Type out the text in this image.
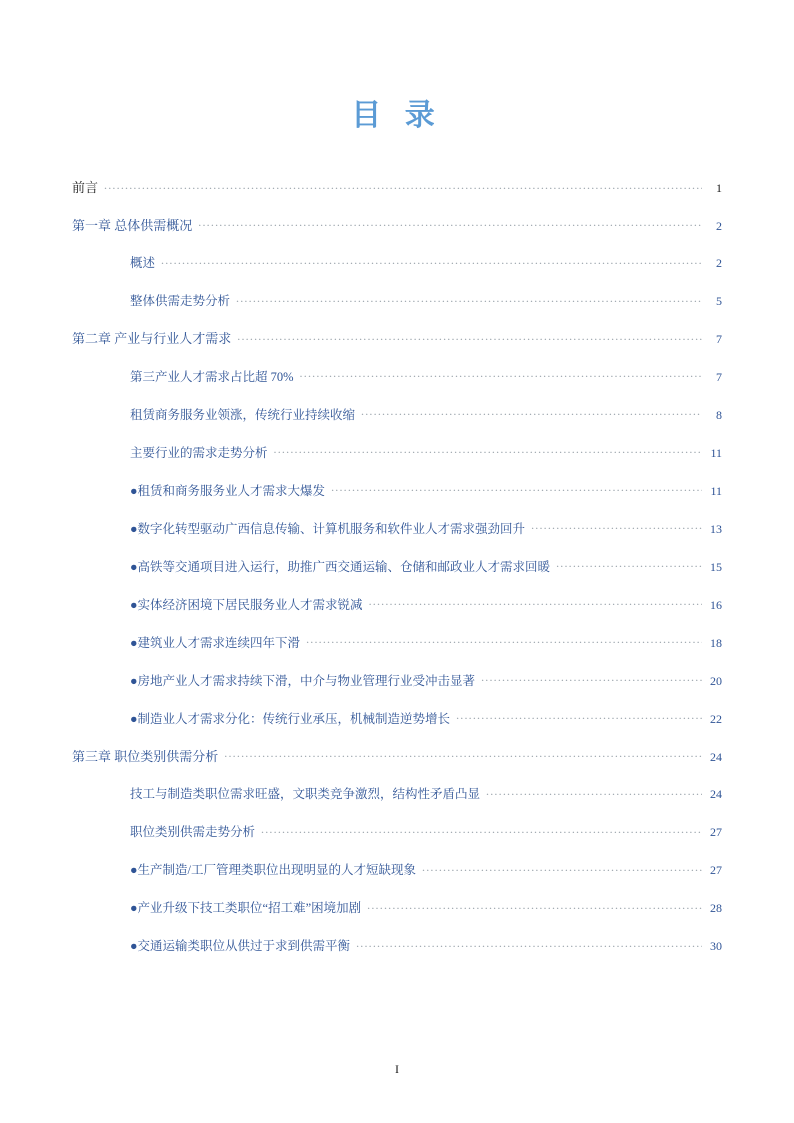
目 录
前言 .....	1
第一章 总体供需概况 .....	2
概述 .....	2
整体供需走势分析 .....	5
第二章 产业与行业人才需求 .....	7
第三产业人才需求占比超 70% .....	7
租赁商务服务业领涨，传统行业持续收缩 .....	8
主要行业的需求走势分析 .....	11
●租赁和商务服务业人才需求大爆发 .....	11
●数字化转型驱动广西信息传输、计算机服务和软件业人才需求强劲回升 .....	13
●高铁等交通项目进入运行，助推广西交通运输、仓储和邮政业人才需求回暖 .....	15
●实体经济困境下居民服务业人才需求锐减 .....	16
●建筑业人才需求连续四年下滑 .....	18
●房地产业人才需求持续下滑，中介与物业管理行业受冲击显著 .....	20
●制造业人才需求分化：传统行业承压，机械制造逆势增长 .....	22
第三章 职位类别供需分析 .....	24
技工与制造类职位需求旺盛，文职类竞争激烈，结构性矛盾凸显 .....	24
职位类别供需走势分析 .....	27
●生产制造/工厂管理类职位出现明显的人才短缺现象 .....	27
●产业升级下技工类职位“招工难”困境加剧 .....	28
●交通运输类职位从供过于求到供需平衡 .....	30
I
